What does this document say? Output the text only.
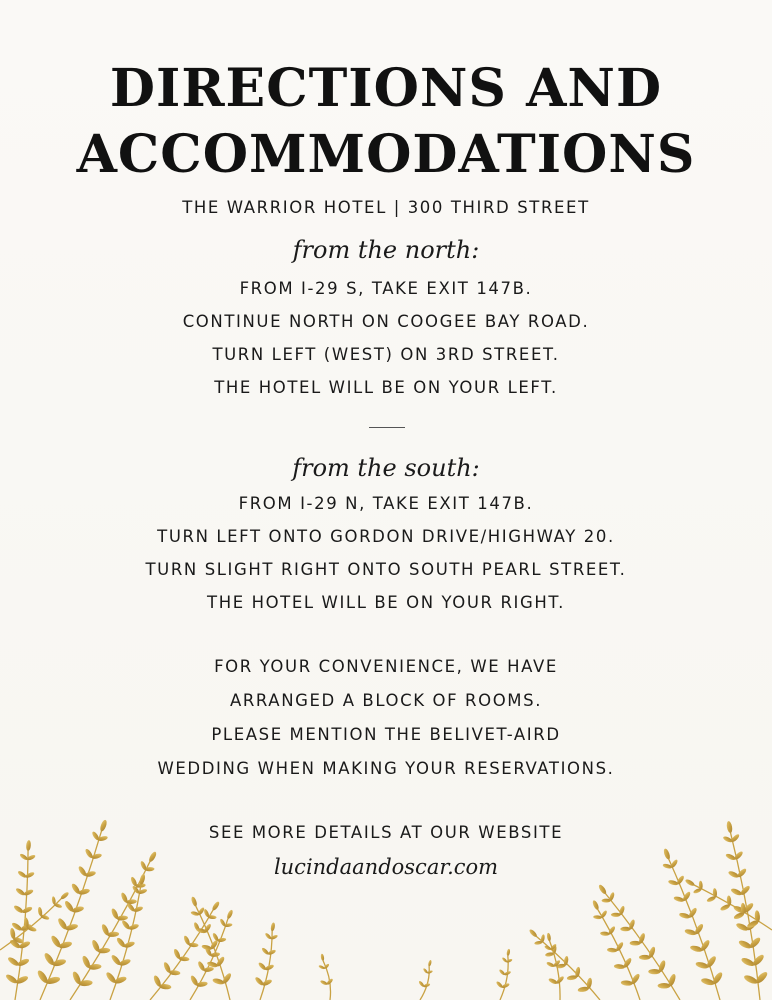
DIRECTIONS AND
ACCOMMODATIONS
THE WARRIOR HOTEL | 300 THIRD STREET
from the north:
FROM I-29 S, TAKE EXIT 147B.
CONTINUE NORTH ON COOGEE BAY ROAD.
TURN LEFT (WEST) ON 3RD STREET.
THE HOTEL WILL BE ON YOUR LEFT.
from the south:
FROM I-29 N, TAKE EXIT 147B.
TURN LEFT ONTO GORDON DRIVE/HIGHWAY 20.
TURN SLIGHT RIGHT ONTO SOUTH PEARL STREET.
THE HOTEL WILL BE ON YOUR RIGHT.
FOR YOUR CONVENIENCE, WE HAVE
ARRANGED A BLOCK OF ROOMS.
PLEASE MENTION THE BELIVET-AIRD
WEDDING WHEN MAKING YOUR RESERVATIONS.
SEE MORE DETAILS AT OUR WEBSITE
lucindaandoscar.com
